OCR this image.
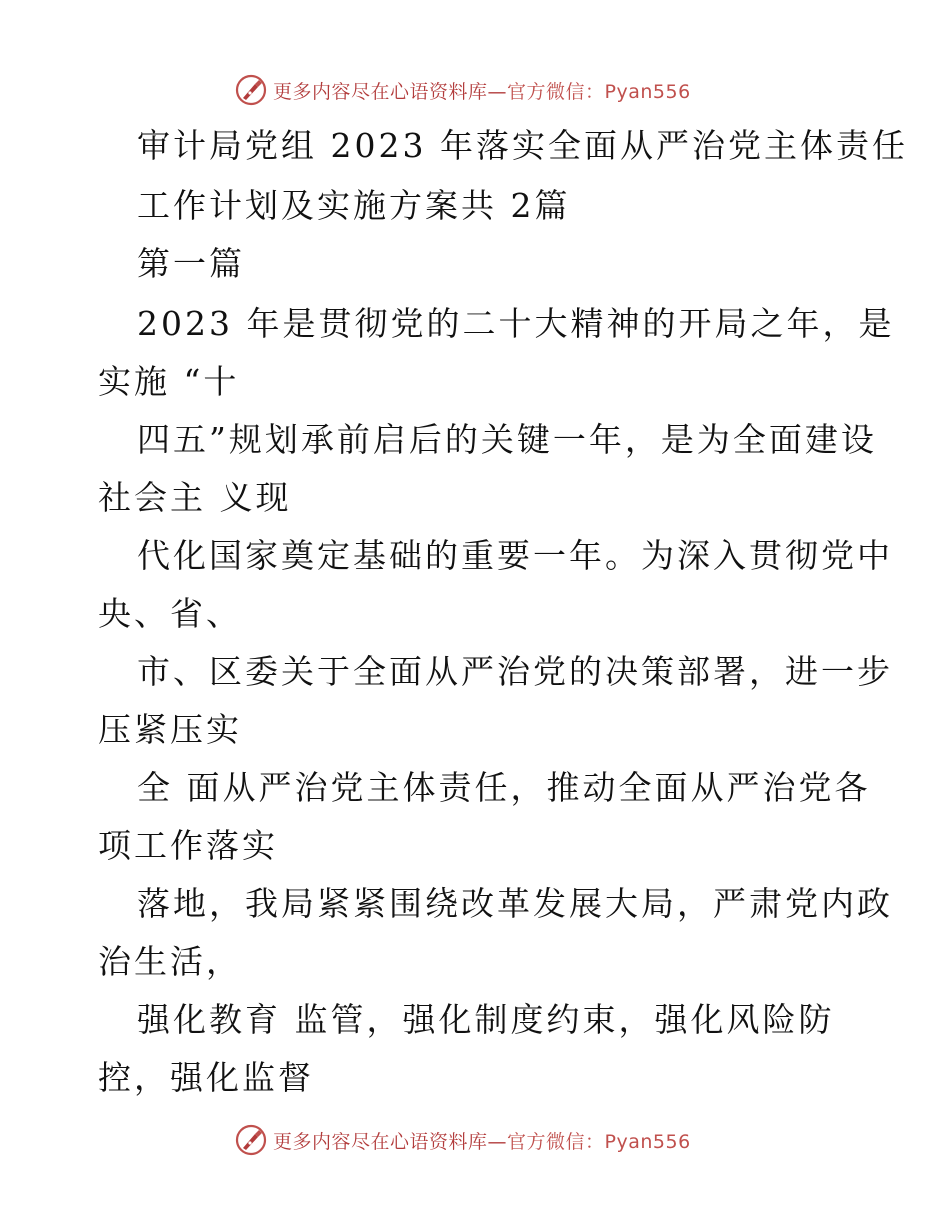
更多内容尽在心语资料库— 官方微信：Pyan556
审计局党组 2023 年落实全面从严治党主体责任
工作计划及实施方案共 2篇
第一篇
2023 年是贯彻党的二十大精神的开局之年，是
实施 “十
四五”规划承前启后的关键一年，是为全面建设
社会主 义现
代化国家奠定基础的重要一年。为深入贯彻党中
央、省、
市、区委关于全面从严治党的决策部署，进一步
压紧压实
全 面从严治党主体责任，推动全面从严治党各
项工作落实
落地，我局紧紧围绕改革发展大局，严肃党内政
治生活，
强化教育 监管，强化制度约束，强化风险防
控，强化监督
更多内容尽在心语资料库— 官方微信：Pyan556
